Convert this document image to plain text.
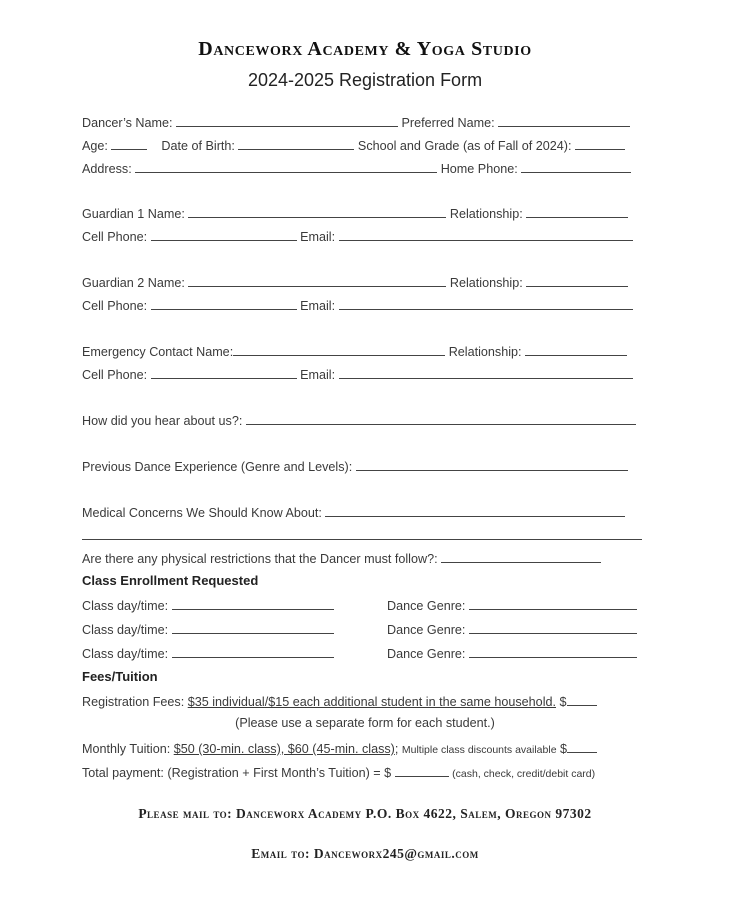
Danceworx Academy & Yoga Studio
2024-2025 Registration Form
Dancer’s Name:	Preferred Name:
Age:	Date of Birth:	School and Grade (as of Fall of 2024):
Address:	Home Phone:
Guardian 1 Name:	Relationship:
Cell Phone:	Email:
Guardian 2 Name:	Relationship:
Cell Phone:	Email:
Emergency Contact Name:	Relationship:
Cell Phone:	Email:
How did you hear about us?:
Previous Dance Experience (Genre and Levels):
Medical Concerns We Should Know About:
Are there any physical restrictions that the Dancer must follow?:
Class Enrollment Requested
Class day/time:	Dance Genre:
Class day/time:	Dance Genre:
Class day/time:	Dance Genre:
Fees/Tuition
Registration Fees: $35 individual/$15 each additional student in the same household. $
(Please use a separate form for each student.)
Monthly Tuition: $50 (30-min. class), $60 (45-min. class); Multiple class discounts available $
Total payment: (Registration + First Month’s Tuition) = $	(cash, check, credit/debit card)
Please mail to: Danceworx Academy P.O. Box 4622, Salem, Oregon 97302
Email to: Danceworx245@gmail.com
